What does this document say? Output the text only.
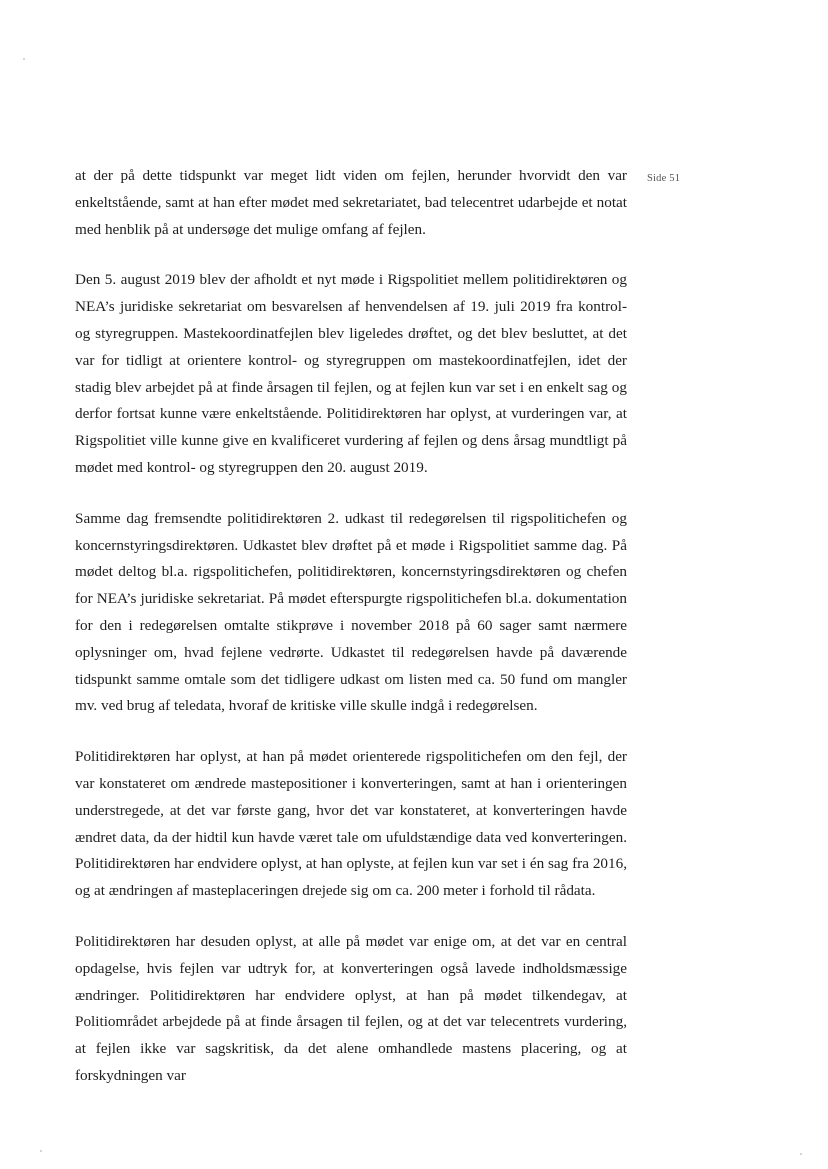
Side 51

at der på dette tidspunkt var meget lidt viden om fejlen, herunder hvorvidt den var enkeltstående, samt at han efter mødet med sekretariatet, bad telecentret udarbejde et notat med henblik på at undersøge det mulige omfang af fejlen.

Den 5. august 2019 blev der afholdt et nyt møde i Rigspolitiet mellem politidirektøren og NEA’s juridiske sekretariat om besvarelsen af henvendelsen af 19. juli 2019 fra kontrol- og styregruppen. Mastekoordinatfejlen blev ligeledes drøftet, og det blev besluttet, at det var for tidligt at orientere kontrol- og styregruppen om mastekoordinatfejlen, idet der stadig blev arbejdet på at finde årsagen til fejlen, og at fejlen kun var set i en enkelt sag og derfor fortsat kunne være enkeltstående. Politidirektøren har oplyst, at vurderingen var, at Rigspolitiet ville kunne give en kvalificeret vurdering af fejlen og dens årsag mundtligt på mødet med kontrol- og styregruppen den 20. august 2019.

Samme dag fremsendte politidirektøren 2. udkast til redegørelsen til rigspolitichefen og koncernstyringsdirektøren. Udkastet blev drøftet på et møde i Rigspolitiet samme dag. På mødet deltog bl.a. rigspolitichefen, politidirektøren, koncernstyringsdirektøren og chefen for NEA’s juridiske sekretariat. På mødet efterspurgte rigspolitichefen bl.a. dokumentation for den i redegørelsen omtalte stikprøve i november 2018 på 60 sager samt nærmere oplysninger om, hvad fejlene vedrørte. Udkastet til redegørelsen havde på daværende tidspunkt samme omtale som det tidligere udkast om listen med ca. 50 fund om mangler mv. ved brug af teledata, hvoraf de kritiske ville skulle indgå i redegørelsen.

Politidirektøren har oplyst, at han på mødet orienterede rigspolitichefen om den fejl, der var konstateret om ændrede mastepositioner i konverteringen, samt at han i orienteringen understregede, at det var første gang, hvor det var konstateret, at konverteringen havde ændret data, da der hidtil kun havde været tale om ufuldstændige data ved konverteringen. Politidirektøren har endvidere oplyst, at han oplyste, at fejlen kun var set i én sag fra 2016, og at ændringen af masteplaceringen drejede sig om ca. 200 meter i forhold til rådata.

Politidirektøren har desuden oplyst, at alle på mødet var enige om, at det var en central opdagelse, hvis fejlen var udtryk for, at konverteringen også lavede indholdsmæssige ændringer. Politidirektøren har endvidere oplyst, at han på mødet tilkendegav, at Politiområdet arbejdede på at finde årsagen til fejlen, og at det var telecentrets vurdering, at fejlen ikke var sagskritisk, da det alene omhandlede mastens placering, og at forskydningen var
